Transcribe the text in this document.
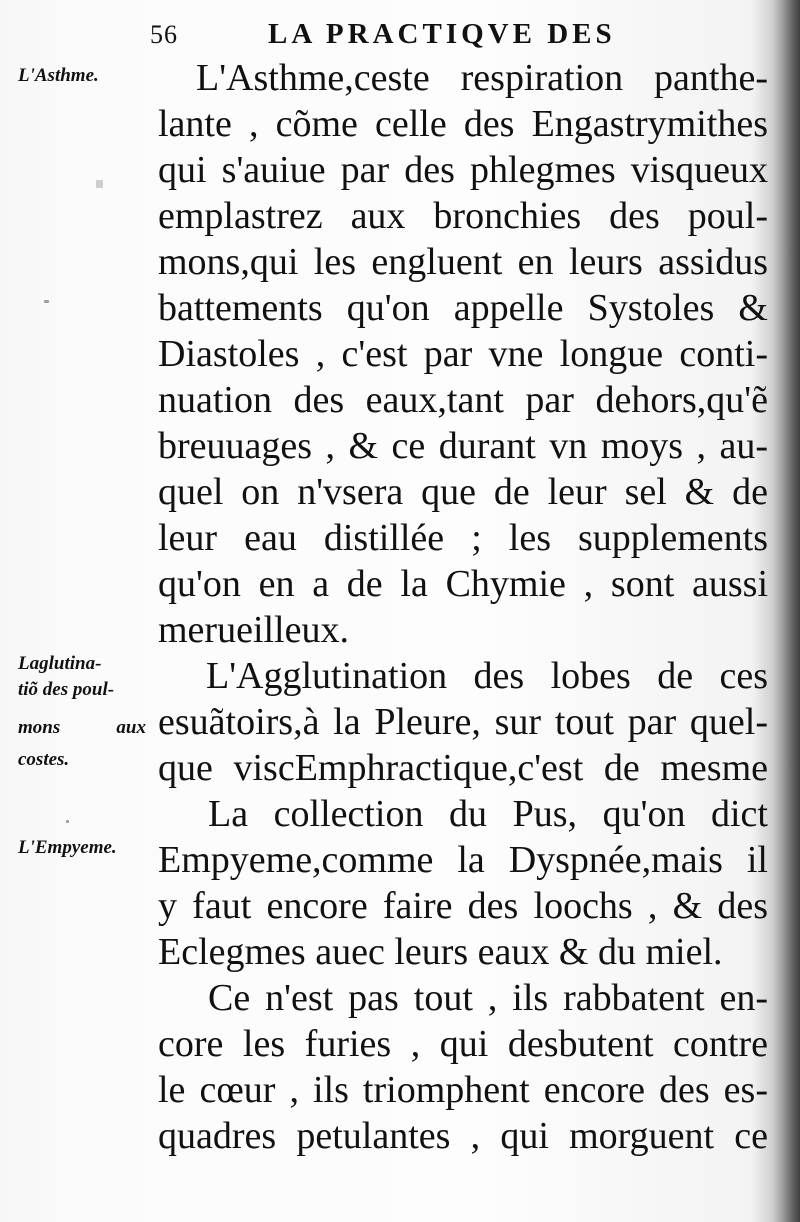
56	LA PRACTIQVE DES
L'Asthme.
Laglutina-
tiõ des poul-
mons aux
costes.
L'Empyeme.
L'Asthme,ceste respiration panthe-
lante , cõme celle des Engastrymithes
qui s'auiue par des phlegmes visqueux
emplastrez aux bronchies des poul-
mons,qui les engluent en leurs assidus
battements qu'on appelle Systoles &
Diastoles , c'est par vne longue conti-
nuation des eaux,tant par dehors,qu'ẽ
breuuages , & ce durant vn moys , au-
quel on n'vsera que de leur sel & de
leur eau distillée ; les supplements
qu'on en a de la Chymie , sont aussi
merueilleux.
L'Agglutination des lobes de ces
esuãtoirs,à la Pleure, sur tout par quel-
que viscEmphractique,c'est de mesme
La collection du Pus, qu'on dict
Empyeme,comme la Dyspnée,mais il
y faut encore faire des loochs , & des
Eclegmes auec leurs eaux & du miel.
Ce n'est pas tout , ils rabbatent en-
core les furies , qui desbutent contre
le cœur , ils triomphent encore des es-
quadres petulantes , qui morguent ce
